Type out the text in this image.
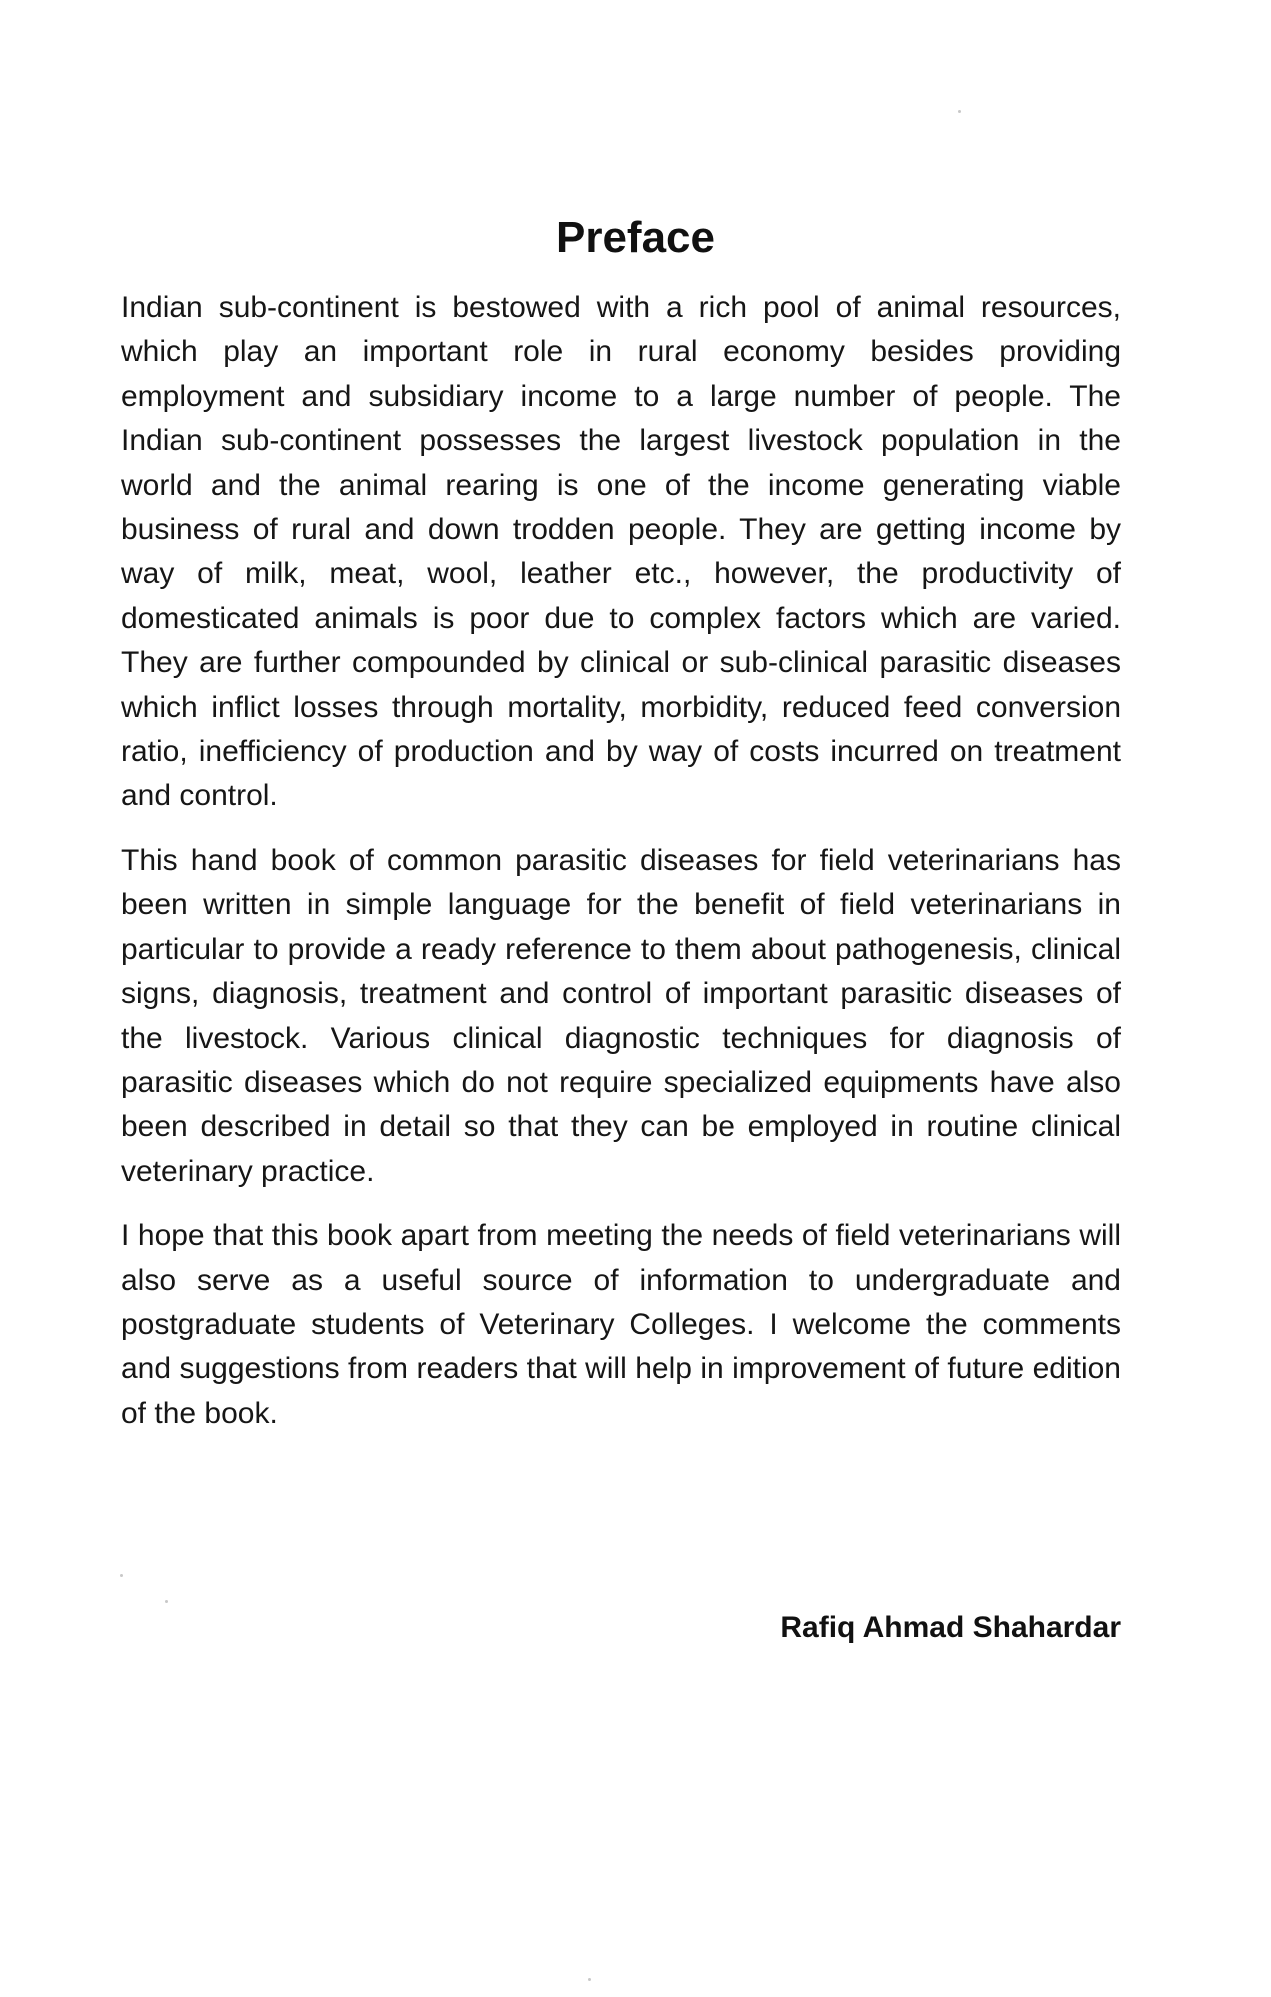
Preface

Indian sub-continent is bestowed with a rich pool of animal resources, which play an important role in rural economy besides providing employment and subsidiary income to a large number of people. The Indian sub-continent possesses the largest livestock population in the world and the animal rearing is one of the income generating viable business of rural and down trodden people. They are getting income by way of milk, meat, wool, leather etc., however, the productivity of domesticated animals is poor due to complex factors which are varied. They are further compounded by clinical or sub-clinical parasitic diseases which inflict losses through mortality, morbidity, reduced feed conversion ratio, inefficiency of production and by way of costs incurred on treatment and control.

This hand book of common parasitic diseases for field veterinarians has been written in simple language for the benefit of field veterinarians in particular to provide a ready reference to them about pathogenesis, clinical signs, diagnosis, treatment and control of important parasitic diseases of the livestock. Various clinical diagnostic techniques for diagnosis of parasitic diseases which do not require specialized equipments have also been described in detail so that they can be employed in routine clinical veterinary practice.

I hope that this book apart from meeting the needs of field veterinarians will also serve as a useful source of information to undergraduate and postgraduate students of Veterinary Colleges. I welcome the comments and suggestions from readers that will help in improvement of future edition of the book.

Rafiq Ahmad Shahardar
